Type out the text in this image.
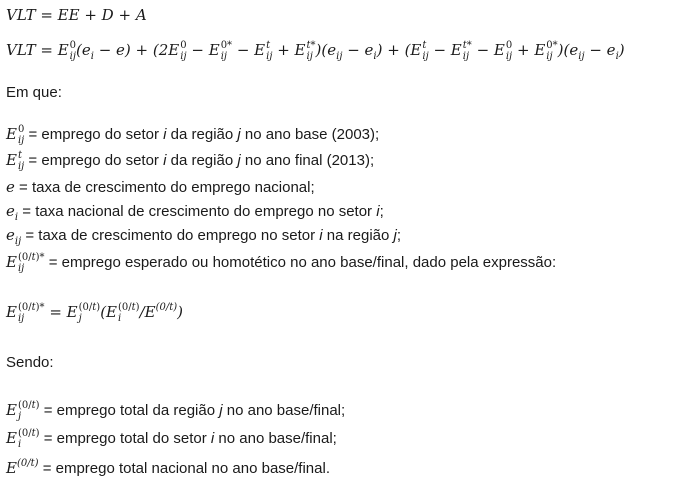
VLT = EE + D + A
VLT = E 0
ij $(e_i - e) + (2E$ 0
ij − E 0*
ij − E t
ij + E t*
ij )$(e_{ij} - e_i) + (E$ t
ij − E t*
ij − E 0
ij + E 0*
ij )$(e_{ij} - e_i)$
Em que:
E 0
ij = emprego do setor i da região j no ano base (2003);
E t
ij = emprego do setor i da região j no ano final (2013);
e = taxa de crescimento do emprego nacional;
$e_i$ = taxa nacional de crescimento do emprego no setor i;
$e_{ij}$ = taxa de crescimento do emprego no setor i na região j;
E (0/t)*
ij	= emprego esperado ou homotético no ano base/final, dado pela expressão:
E (0/t)*
ij	= E (0/t)
j	(E (0/t)
i	$/E^{(0/t)}$)
Sendo:
E (0/t)
j	= emprego total da região j no ano base/final;
E (0/t)
i	= emprego total do setor i no ano base/final;
$E^{(0/t)}$ = emprego total nacional no ano base/final.
